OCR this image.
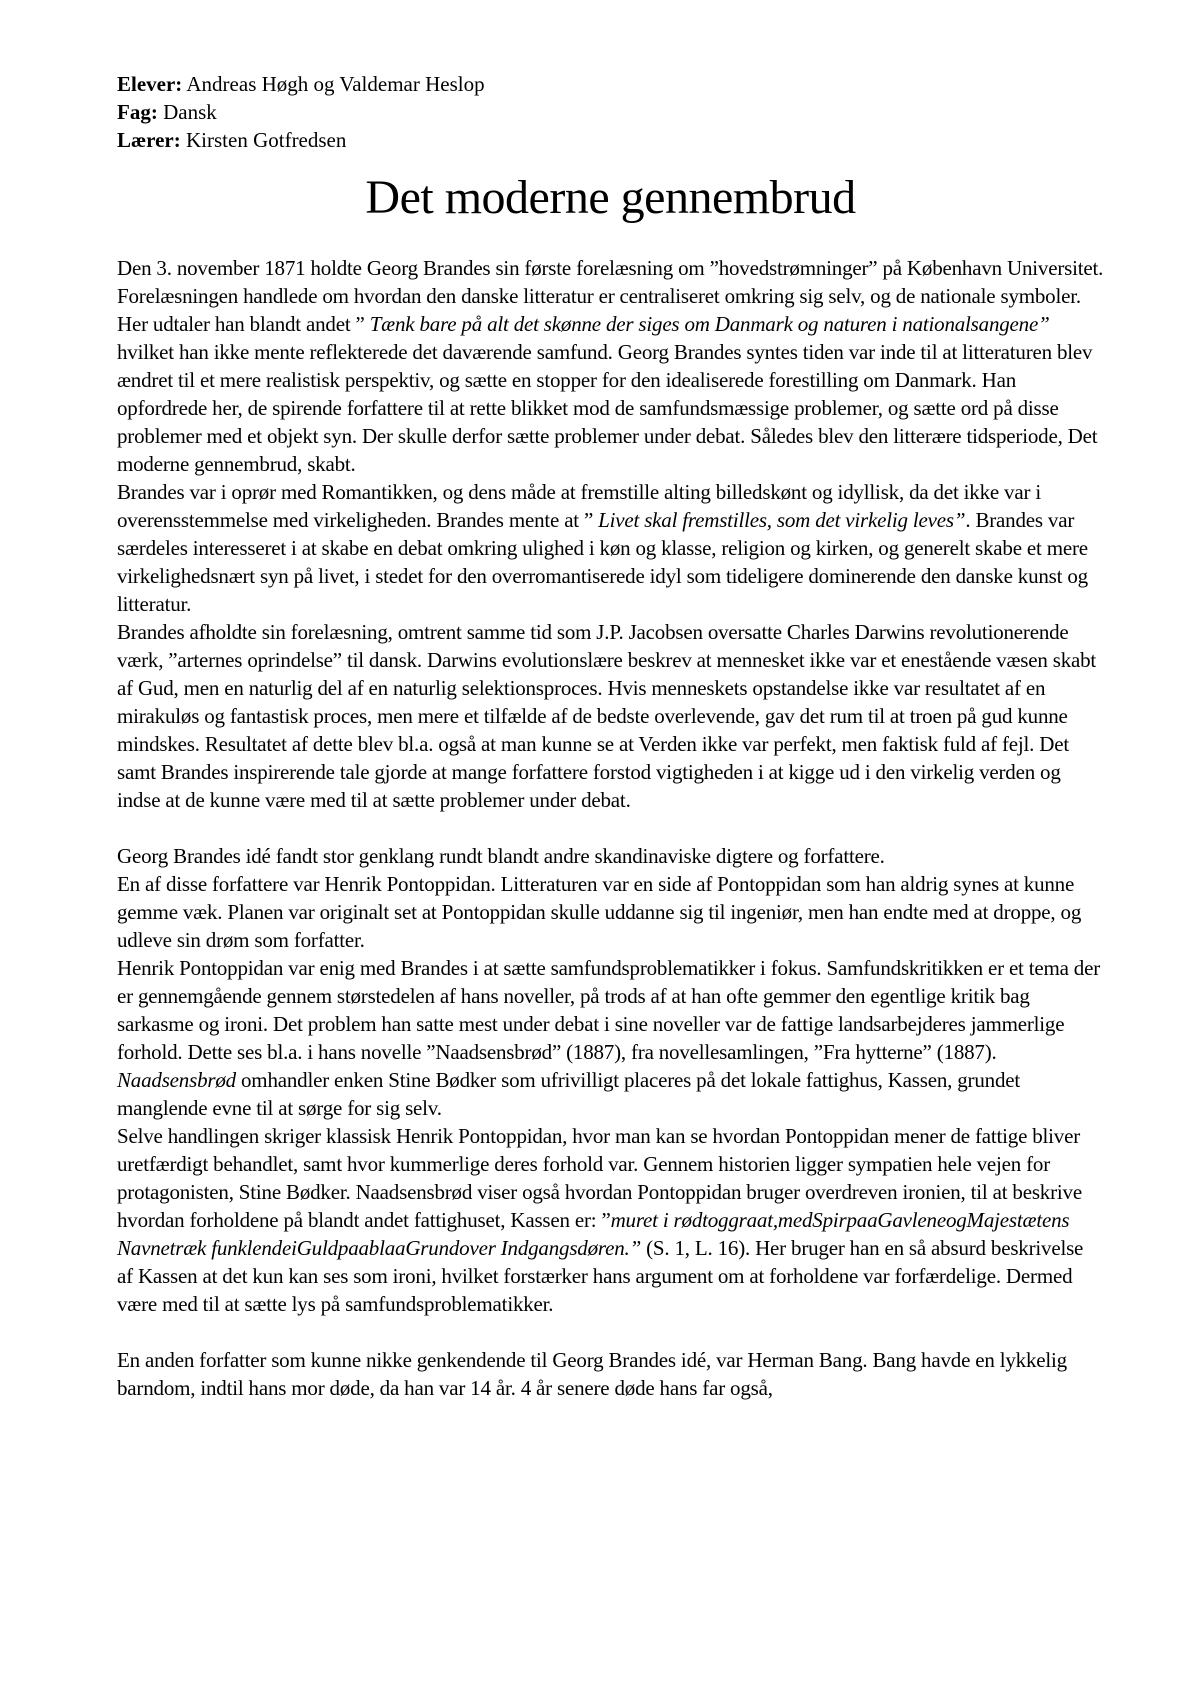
Elever: Andreas Høgh og Valdemar Heslop
Fag: Dansk
Lærer: Kirsten Gotfredsen
Det moderne gennembrud

Den 3. november 1871 holdte Georg Brandes sin første forelæsning om ”hovedstrømninger” på København Universitet. Forelæsningen handlede om hvordan den danske litteratur er centraliseret omkring sig selv, og de nationale symboler. Her udtaler han blandt andet ” Tænk bare på alt det skønne der siges om Danmark og naturen i nationalsangene” hvilket han ikke mente reflekterede det daværende samfund. Georg Brandes syntes tiden var inde til at litteraturen blev ændret til et mere realistisk perspektiv, og sætte en stopper for den idealiserede forestilling om Danmark. Han opfordrede her, de spirende forfattere til at rette blikket mod de samfundsmæssige problemer, og sætte ord på disse problemer med et objekt syn. Der skulle derfor sætte problemer under debat. Således blev den litterære tidsperiode, Det moderne gennembrud, skabt.

Brandes var i oprør med Romantikken, og dens måde at fremstille alting billedskønt og idyllisk, da det ikke var i overensstemmelse med virkeligheden. Brandes mente at ” Livet skal fremstilles, som det virkelig leves”. Brandes var særdeles interesseret i at skabe en debat omkring ulighed i køn og klasse, religion og kirken, og generelt skabe et mere virkelighedsnært syn på livet, i stedet for den overromantiserede idyl som tideligere dominerende den danske kunst og litteratur.

Brandes afholdte sin forelæsning, omtrent samme tid som J.P. Jacobsen oversatte Charles Darwins revolutionerende værk, ”arternes oprindelse” til dansk. Darwins evolutionslære beskrev at mennesket ikke var et enestående væsen skabt af Gud, men en naturlig del af en naturlig selektionsproces. Hvis menneskets opstandelse ikke var resultatet af en mirakuløs og fantastisk proces, men mere et tilfælde af de bedste overlevende, gav det rum til at troen på gud kunne mindskes. Resultatet af dette blev bl.a. også at man kunne se at Verden ikke var perfekt, men faktisk fuld af fejl. Det samt Brandes inspirerende tale gjorde at mange forfattere forstod vigtigheden i at kigge ud i den virkelig verden og indse at de kunne være med til at sætte problemer under debat.

Georg Brandes idé fandt stor genklang rundt blandt andre skandinaviske digtere og forfattere.

En af disse forfattere var Henrik Pontoppidan. Litteraturen var en side af Pontoppidan som han aldrig synes at kunne gemme væk. Planen var originalt set at Pontoppidan skulle uddanne sig til ingeniør, men han endte med at droppe, og udleve sin drøm som forfatter.

Henrik Pontoppidan var enig med Brandes i at sætte samfundsproblematikker i fokus. Samfundskritikken er et tema der er gennemgående gennem størstedelen af hans noveller, på trods af at han ofte gemmer den egentlige kritik bag sarkasme og ironi. Det problem han satte mest under debat i sine noveller var de fattige landsarbejderes jammerlige forhold. Dette ses bl.a. i hans novelle ”Naadsensbrød” (1887), fra novellesamlingen, ”Fra hytterne” (1887).

Naadsensbrød omhandler enken Stine Bødker som ufrivilligt placeres på det lokale fattighus, Kassen, grundet manglende evne til at sørge for sig selv.

Selve handlingen skriger klassisk Henrik Pontoppidan, hvor man kan se hvordan Pontoppidan mener de fattige bliver uretfærdigt behandlet, samt hvor kummerlige deres forhold var. Gennem historien ligger sympatien hele vejen for protagonisten, Stine Bødker. Naadsensbrød viser også hvordan Pontoppidan bruger overdreven ironien, til at beskrive hvordan forholdene på blandt andet fattighuset, Kassen er: ”muret i rødtoggraat,medSpirpaaGavleneogMajestætens Navnetræk funklendeiGuldpaablaaGrundover Indgangsdøren.” (S. 1, L. 16). Her bruger han en så absurd beskrivelse af Kassen at det kun kan ses som ironi, hvilket forstærker hans argument om at forholdene var forfærdelige. Dermed være med til at sætte lys på samfundsproblematikker.

En anden forfatter som kunne nikke genkendende til Georg Brandes idé, var Herman Bang. Bang havde en lykkelig barndom, indtil hans mor døde, da han var 14 år. 4 år senere døde hans far også,
